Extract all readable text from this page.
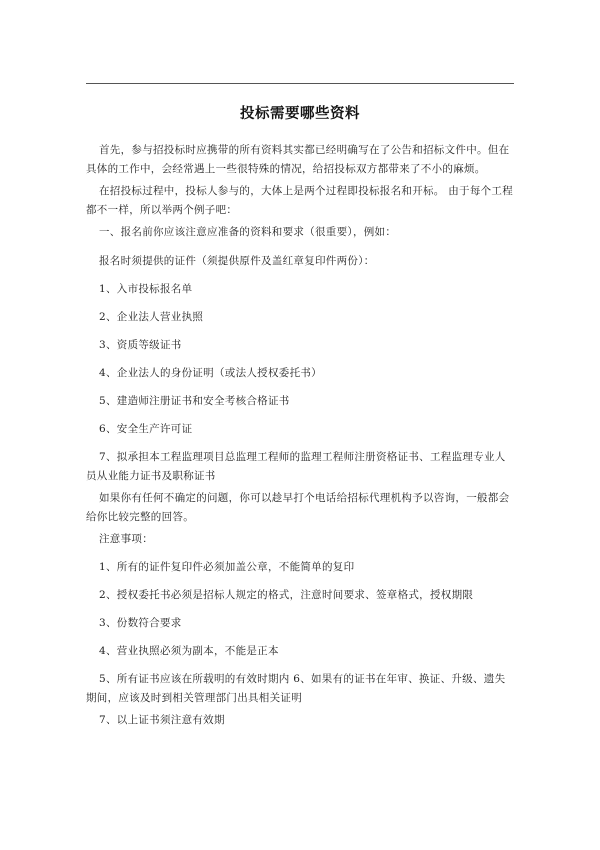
投标需要哪些资料

首先，参与招投标时应携带的所有资料其实都已经明确写在了公告和招标文件中。但在具体的工作中，会经常遇上一些很特殊的情况，给招投标双方都带来了不小的麻烦。

在招投标过程中，投标人参与的，大体上是两个过程即投标报名和开标。 由于每个工程都不一样，所以举两个例子吧：

一、报名前你应该注意应准备的资料和要求（很重要），例如：

报名时须提供的证件（须提供原件及盖红章复印件两份）：

1、入市投标报名单

2、企业法人营业执照

3、资质等级证书

4、企业法人的身份证明（或法人授权委托书）

5、建造师注册证书和安全考核合格证书

6、安全生产许可证

7、拟承担本工程监理项目总监理工程师的监理工程师注册资格证书、工程监理专业人员从业能力证书及职称证书

如果你有任何不确定的问题，你可以趁早打个电话给招标代理机构予以咨询，一般都会给你比较完整的回答。

注意事项：

1、所有的证件复印件必须加盖公章，不能简单的复印

2、授权委托书必须是招标人规定的格式，注意时间要求、签章格式，授权期限

3、份数符合要求

4、营业执照必须为副本，不能是正本

5、所有证书应该在所载明的有效时期内 6、如果有的证书在年审、换证、升级、遗失期间，应该及时到相关管理部门出具相关证明

7、以上证书须注意有效期
